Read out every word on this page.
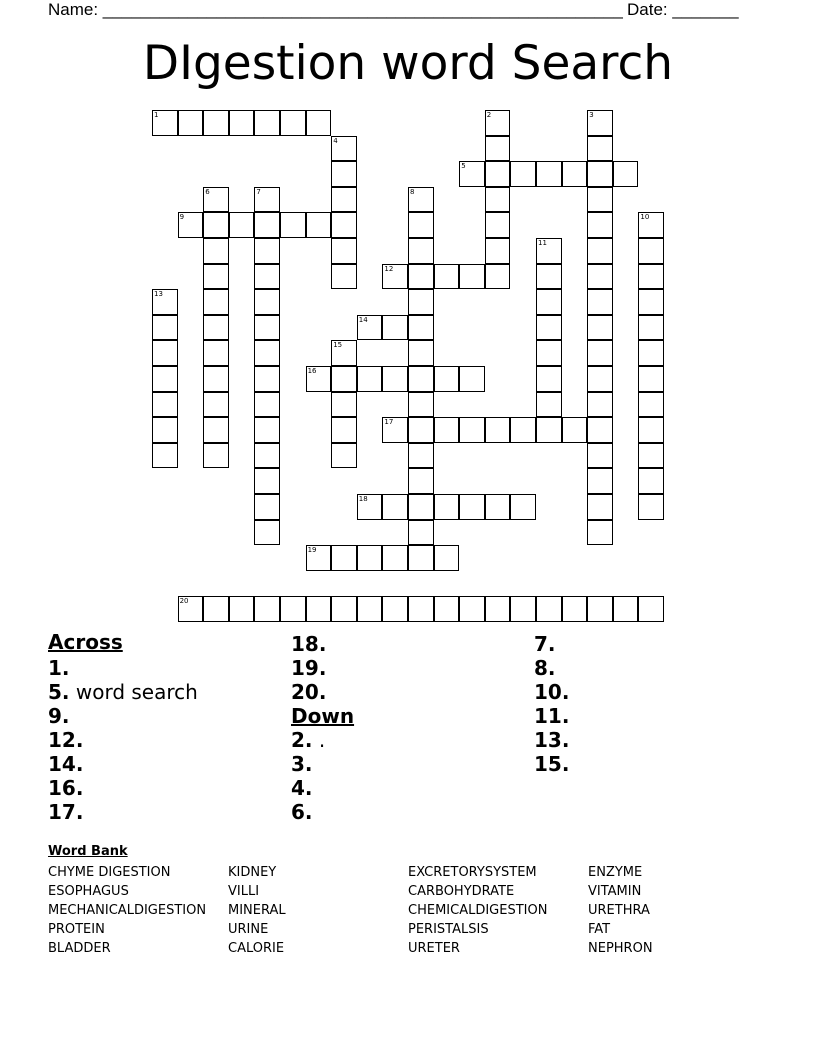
Name: _______________________________________________________ Date: _______
DIgestion word Search
1
5
9
12
14
15
16
17
18
19
20
2	3
4
6	7	8
10
11
13
Across
1.
5. word search
9.
12.
14.
16.
17.
18.
19.
20.
Down
2. .
3.
4.
6.
7.
8.
10.
11.
13.
15.
Word Bank
CHYME DIGESTION
ESOPHAGUS
MECHANICALDIGESTION
PROTEIN
BLADDER
KIDNEY
VILLI
MINERAL
URINE
CALORIE
EXCRETORYSYSTEM
CARBOHYDRATE
CHEMICALDIGESTION
PERISTALSIS
URETER
ENZYME
VITAMIN
URETHRA
FAT
NEPHRON
